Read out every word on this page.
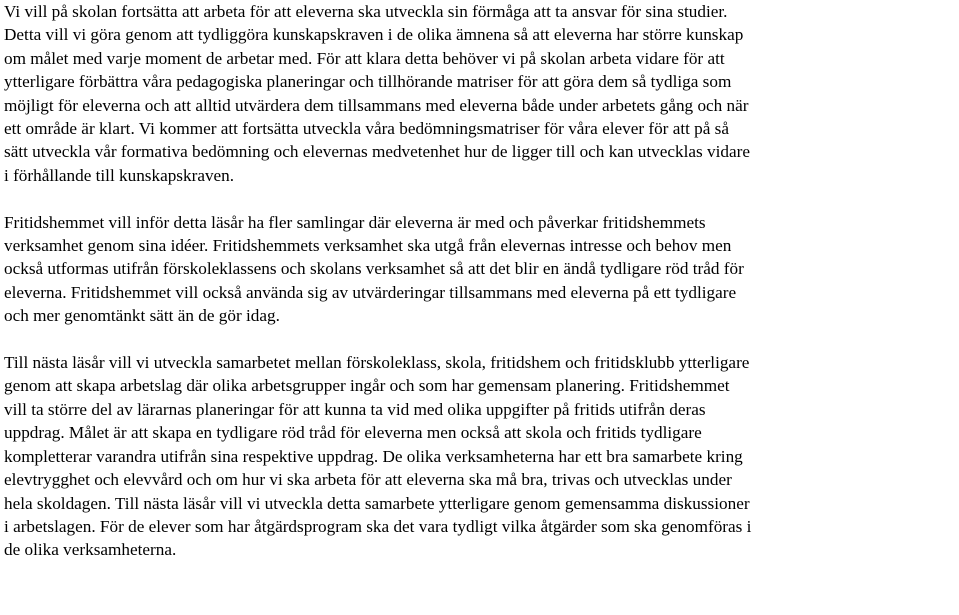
Vi vill på skolan fortsätta att arbeta för att eleverna ska utveckla sin förmåga att ta ansvar för sina studier.
Detta vill vi göra genom att tydliggöra kunskapskraven i de olika ämnena så att eleverna har större kunskap
om målet med varje moment de arbetar med. För att klara detta behöver vi på skolan arbeta vidare för att
ytterligare förbättra våra pedagogiska planeringar och tillhörande matriser för att göra dem så tydliga som
möjligt för eleverna och att alltid utvärdera dem tillsammans med eleverna både under arbetets gång och när
ett område är klart. Vi kommer att fortsätta utveckla våra bedömningsmatriser för våra elever för att på så
sätt utveckla vår formativa bedömning och elevernas medvetenhet hur de ligger till och kan utvecklas vidare
i förhållande till kunskapskraven.
Fritidshemmet vill inför detta läsår ha fler samlingar där eleverna är med och påverkar fritidshemmets
verksamhet genom sina idéer. Fritidshemmets verksamhet ska utgå från elevernas intresse och behov men
också utformas utifrån förskoleklassens och skolans verksamhet så att det blir en ändå tydligare röd tråd för
eleverna. Fritidshemmet vill också använda sig av utvärderingar tillsammans med eleverna på ett tydligare
och mer genomtänkt sätt än de gör idag.
Till nästa läsår vill vi utveckla samarbetet mellan förskoleklass, skola, fritidshem och fritidsklubb ytterligare
genom att skapa arbetslag där olika arbetsgrupper ingår och som har gemensam planering. Fritidshemmet
vill ta större del av lärarnas planeringar för att kunna ta vid med olika uppgifter på fritids utifrån deras
uppdrag. Målet är att skapa en tydligare röd tråd för eleverna men också att skola och fritids tydligare
kompletterar varandra utifrån sina respektive uppdrag. De olika verksamheterna har ett bra samarbete kring
elevtrygghet och elevvård och om hur vi ska arbeta för att eleverna ska må bra, trivas och utvecklas under
hela skoldagen. Till nästa läsår vill vi utveckla detta samarbete ytterligare genom gemensamma diskussioner
i arbetslagen. För de elever som har åtgärdsprogram ska det vara tydligt vilka åtgärder som ska genomföras i
de olika verksamheterna.
